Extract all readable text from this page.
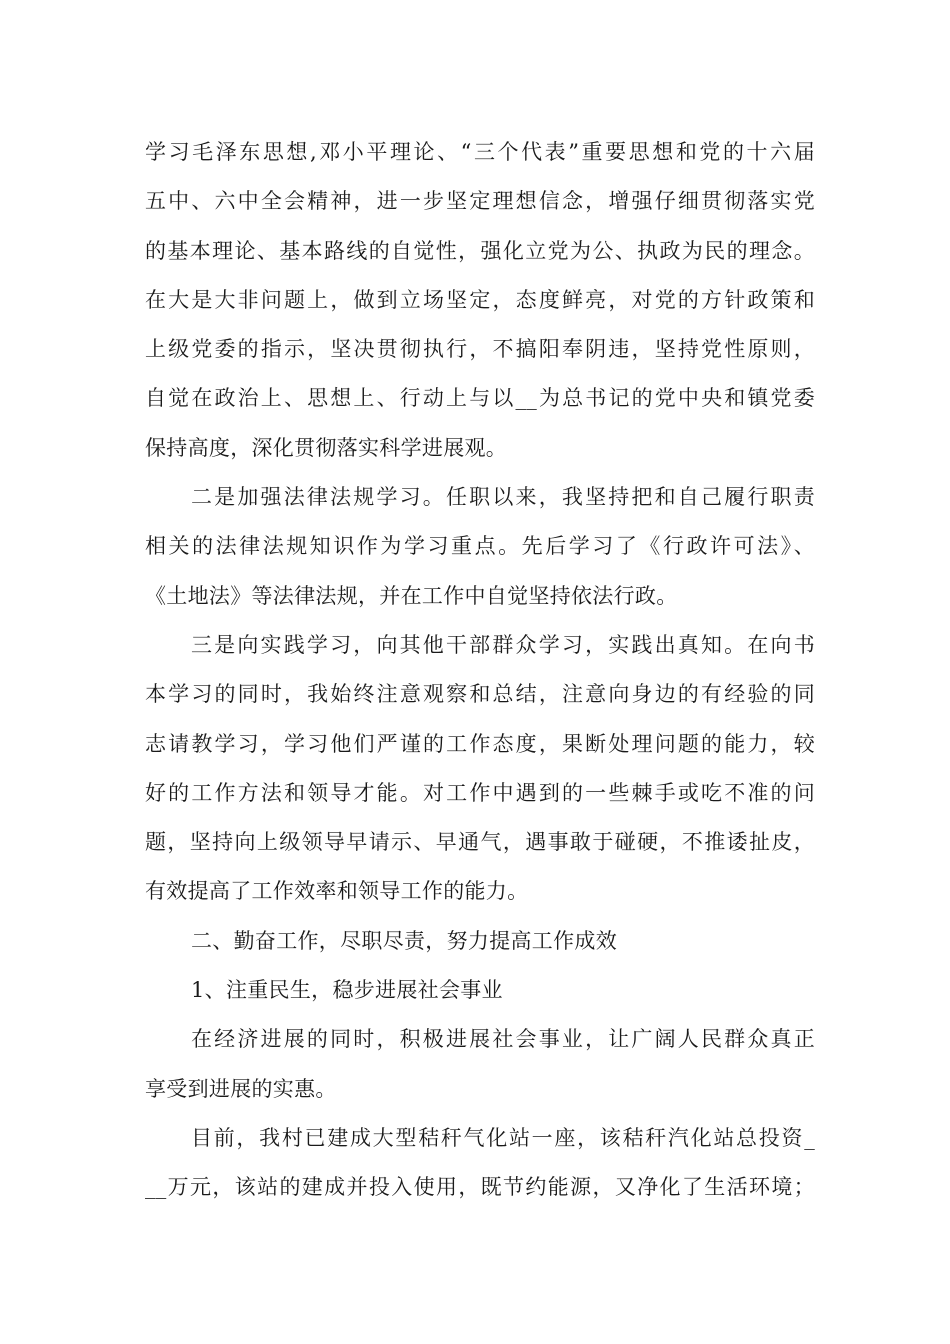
学习毛泽东思想,邓小平理论、“三个代表”重要思想和党的十六届
五中、六中全会精神，进一步坚定理想信念，增强仔细贯彻落实党
的基本理论、基本路线的自觉性，强化立党为公、执政为民的理念。
在大是大非问题上，做到立场坚定，态度鲜亮，对党的方针政策和
上级党委的指示，坚决贯彻执行，不搞阳奉阴违，坚持党性原则，
自觉在政治上、思想上、行动上与以__为总书记的党中央和镇党委
保持高度，深化贯彻落实科学进展观。

二是加强法律法规学习。任职以来，我坚持把和自己履行职责
相关的法律法规知识作为学习重点。先后学习了《行政许可法》、
《土地法》等法律法规，并在工作中自觉坚持依法行政。

三是向实践学习，向其他干部群众学习，实践出真知。在向书
本学习的同时，我始终注意观察和总结，注意向身边的有经验的同
志请教学习，学习他们严谨的工作态度，果断处理问题的能力，较
好的工作方法和领导才能。对工作中遇到的一些棘手或吃不准的问
题，坚持向上级领导早请示、早通气，遇事敢于碰硬，不推诿扯皮，
有效提高了工作效率和领导工作的能力。

二、勤奋工作，尽职尽责，努力提高工作成效

1、注重民生，稳步进展社会事业

在经济进展的同时，积极进展社会事业，让广阔人民群众真正
享受到进展的实惠。

目前，我村已建成大型秸秆气化站一座，该秸秆汽化站总投资_
__万元，该站的建成并投入使用，既节约能源，又净化了生活环境；
